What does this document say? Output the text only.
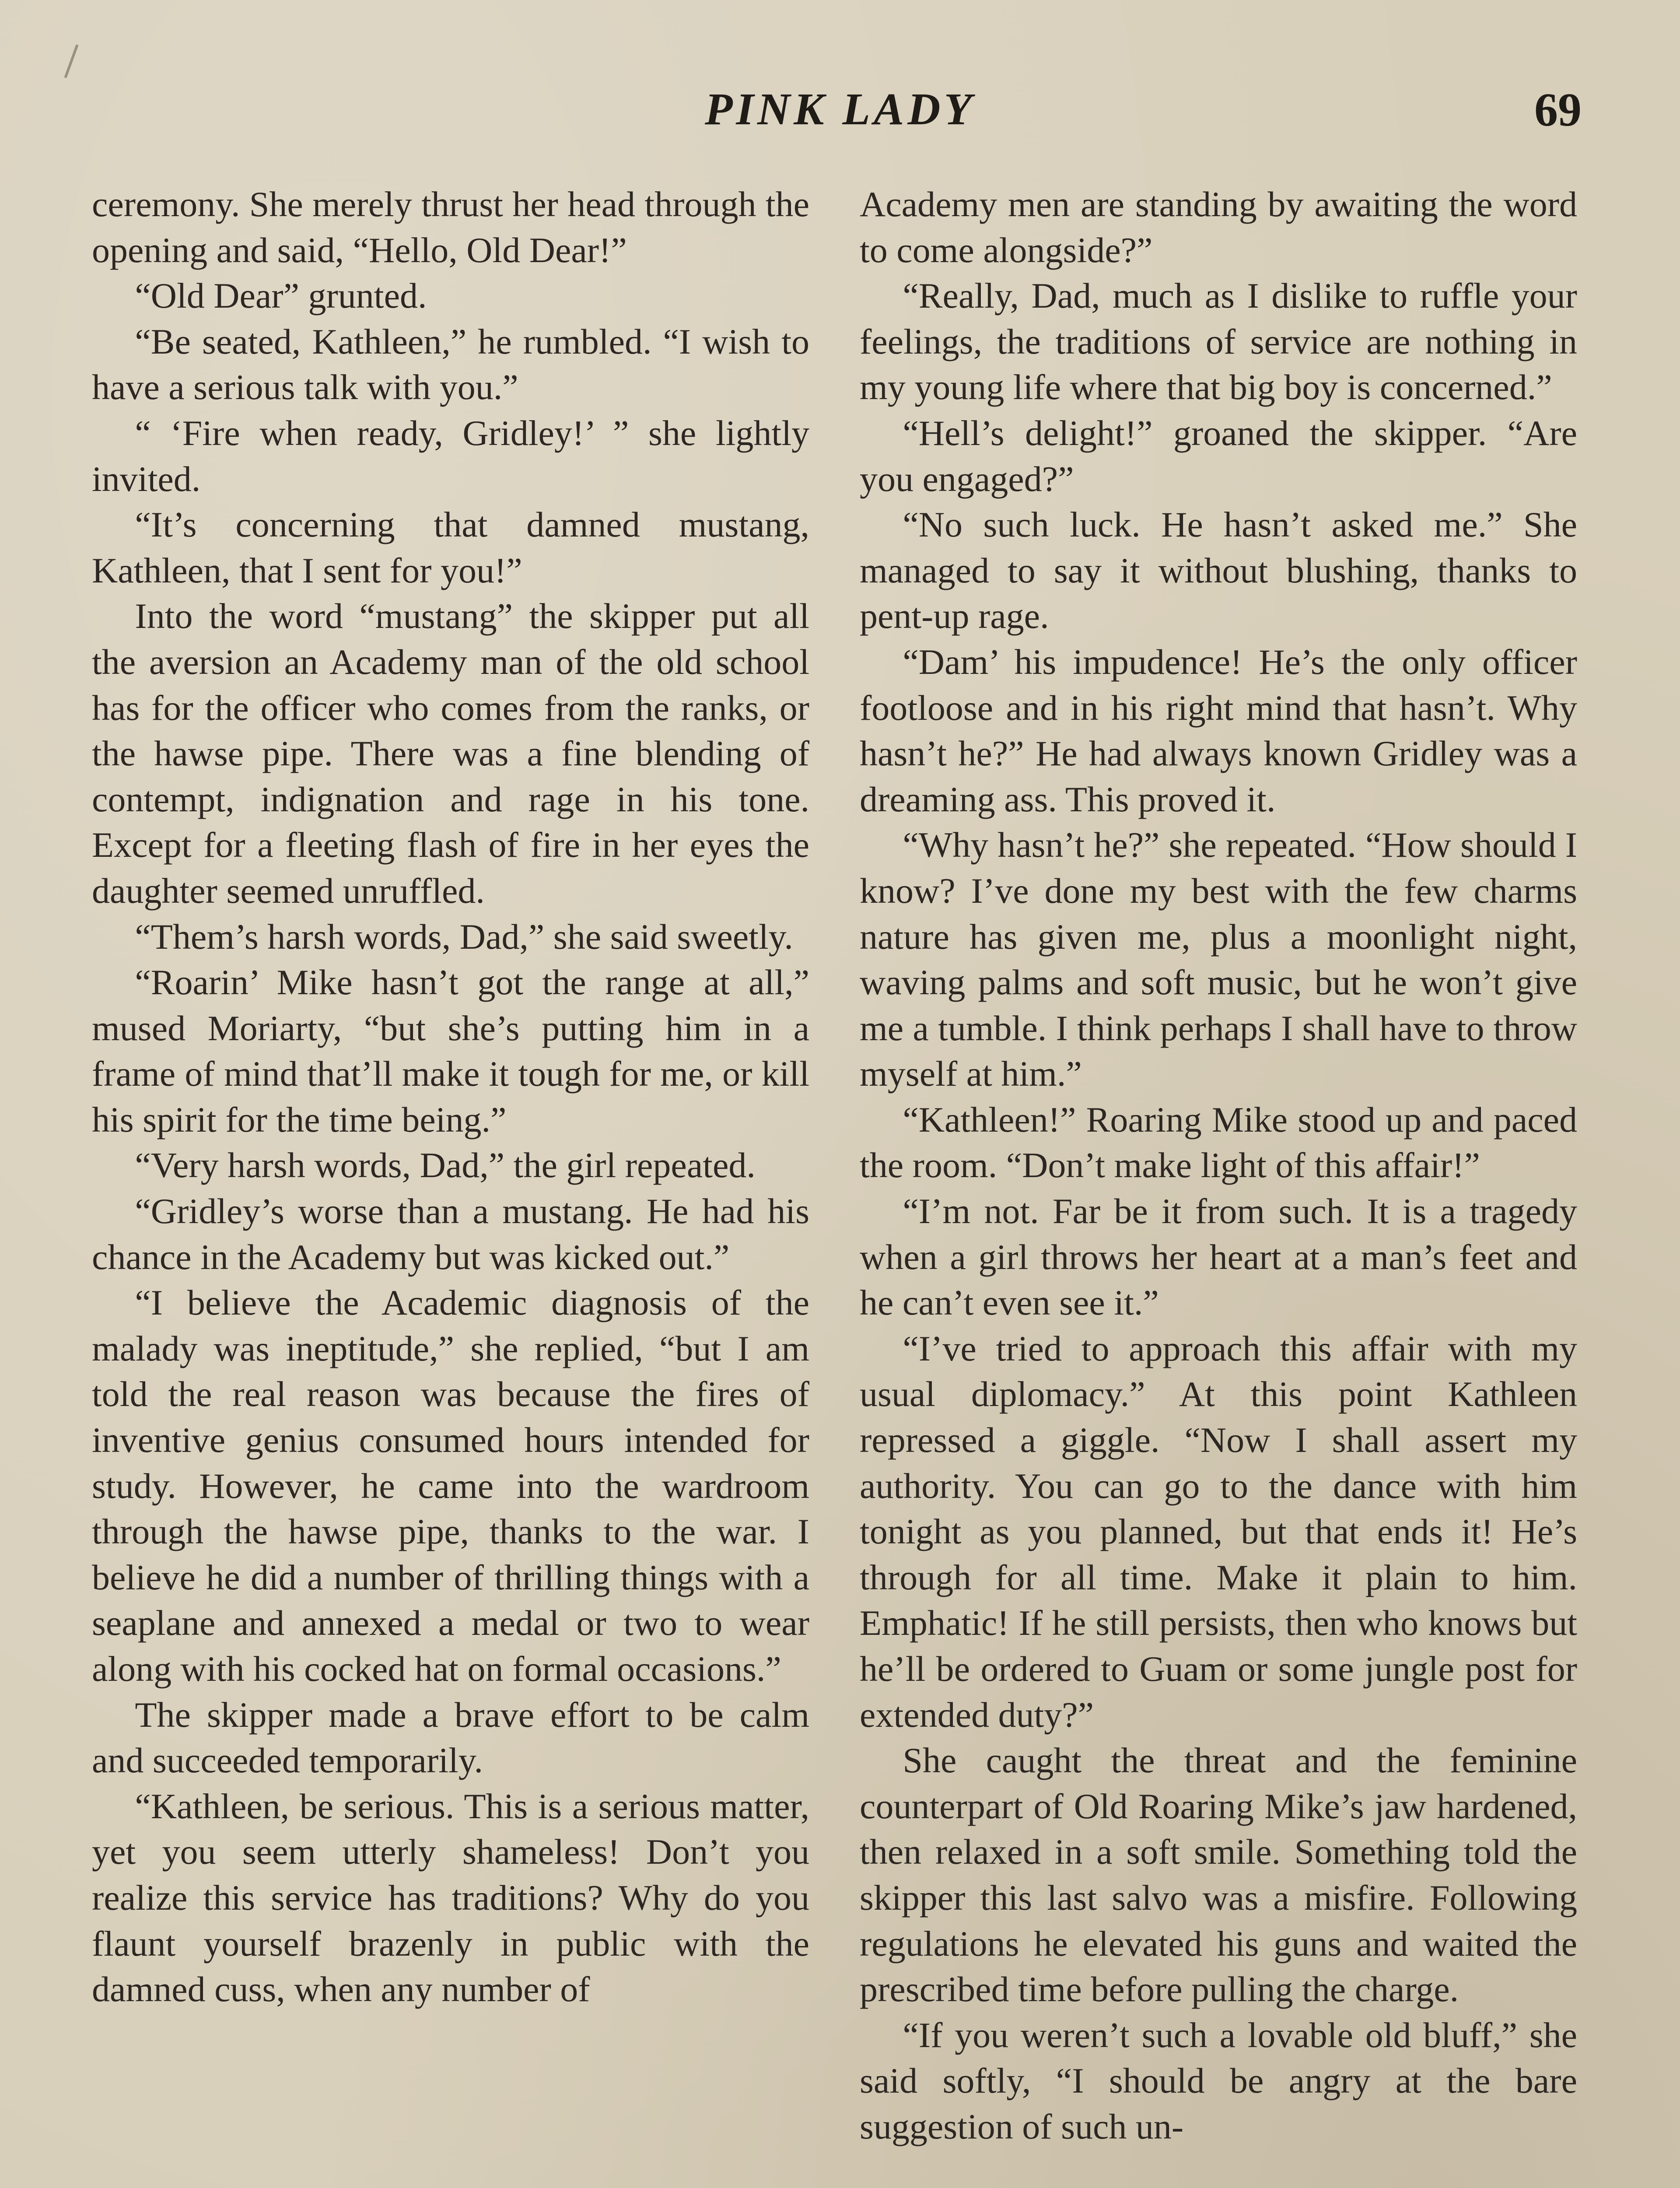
PINK LADY	69

ceremony. She merely thrust her head through the opening and said, “Hello, Old Dear!”

“Old Dear” grunted.

“Be seated, Kathleen,” he rumbled. “I wish to have a serious talk with you.”

“ ‘Fire when ready, Gridley!’ ” she lightly invited.

“It’s concerning that damned mustang, Kathleen, that I sent for you!”

Into the word “mustang” the skipper put all the aversion an Academy man of the old school has for the officer who comes from the ranks, or the hawse pipe. There was a fine blending of contempt, indignation and rage in his tone. Except for a fleeting flash of fire in her eyes the daughter seemed unruffled.

“Them’s harsh words, Dad,” she said sweetly.

“Roarin’ Mike hasn’t got the range at all,” mused Moriarty, “but she’s putting him in a frame of mind that’ll make it tough for me, or kill his spirit for the time being.”

“Very harsh words, Dad,” the girl repeated.

“Gridley’s worse than a mustang. He had his chance in the Academy but was kicked out.”

“I believe the Academic diagnosis of the malady was ineptitude,” she replied, “but I am told the real reason was because the fires of inventive genius consumed hours intended for study. However, he came into the wardroom through the hawse pipe, thanks to the war. I believe he did a number of thrilling things with a seaplane and annexed a medal or two to wear along with his cocked hat on formal occasions.”

The skipper made a brave effort to be calm and succeeded temporarily.

“Kathleen, be serious. This is a serious matter, yet you seem utterly shameless! Don’t you realize this service has traditions? Why do you flaunt yourself brazenly in public with the damned cuss, when any number of

Academy men are standing by awaiting the word to come alongside?”

“Really, Dad, much as I dislike to ruffle your feelings, the traditions of service are nothing in my young life where that big boy is concerned.”

“Hell’s delight!” groaned the skipper. “Are you engaged?”

“No such luck. He hasn’t asked me.” She managed to say it without blushing, thanks to pent-up rage.

“Dam’ his impudence! He’s the only officer footloose and in his right mind that hasn’t. Why hasn’t he?” He had always known Gridley was a dreaming ass. This proved it.

“Why hasn’t he?” she repeated. “How should I know? I’ve done my best with the few charms nature has given me, plus a moonlight night, waving palms and soft music, but he won’t give me a tumble. I think perhaps I shall have to throw myself at him.”

“Kathleen!” Roaring Mike stood up and paced the room. “Don’t make light of this affair!”

“I’m not. Far be it from such. It is a tragedy when a girl throws her heart at a man’s feet and he can’t even see it.”

“I’ve tried to approach this affair with my usual diplomacy.” At this point Kathleen repressed a giggle. “Now I shall assert my authority. You can go to the dance with him tonight as you planned, but that ends it! He’s through for all time. Make it plain to him. Emphatic! If he still persists, then who knows but he’ll be ordered to Guam or some jungle post for extended duty?”

She caught the threat and the feminine counterpart of Old Roaring Mike’s jaw hardened, then relaxed in a soft smile. Something told the skipper this last salvo was a misfire. Following regulations he elevated his guns and waited the prescribed time before pulling the charge.

“If you weren’t such a lovable old bluff,” she said softly, “I should be angry at the bare suggestion of such un-
